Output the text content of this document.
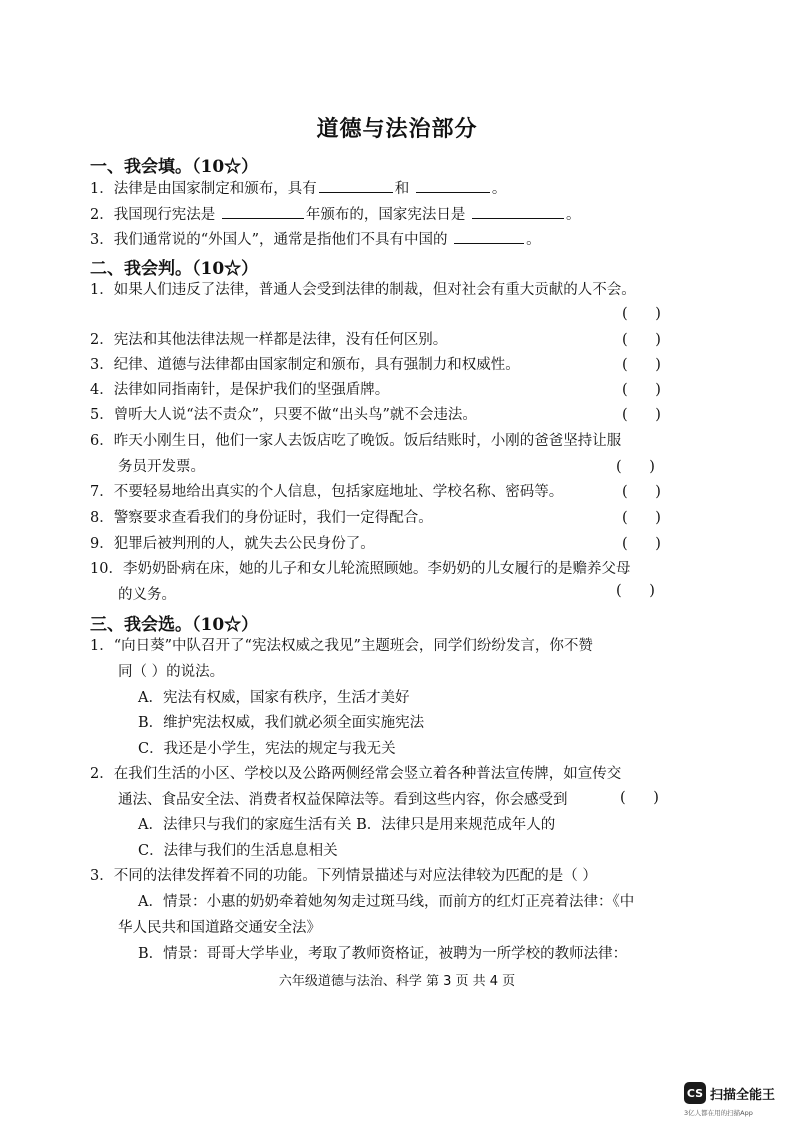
道德与法治部分
一、我会填。（10☆）
1．法律是由国家制定和颁布，具有	和	。
2．我国现行宪法是	年颁布的，国家宪法日是	。
3．我们通常说的“外国人”，通常是指他们不具有中国的	。
二、我会判。（10☆）
1．如果人们违反了法律，普通人会受到法律的制裁，但对社会有重大贡献的人不会。
(      )
2．宪法和其他法律法规一样都是法律，没有任何区别。	(      )
3．纪律、道德与法律都由国家制定和颁布，具有强制力和权威性。	(      )
4．法律如同指南针，是保护我们的坚强盾牌。	(      )
5．曾听大人说“法不责众”，只要不做“出头鸟”就不会违法。	(      )
6．昨天小刚生日，他们一家人去饭店吃了晚饭。饭后结账时，小刚的爸爸坚持让服
务员开发票。	(      )
7．不要轻易地给出真实的个人信息，包括家庭地址、学校名称、密码等。	(      )
8．警察要求查看我们的身份证时，我们一定得配合。	(      )
9．犯罪后被判刑的人，就失去公民身份了。	(      )
10．李奶奶卧病在床，她的儿子和女儿轮流照顾她。李奶奶的儿女履行的是赡养父母
的义务。	(      )
三、我会选。（10☆）
1．“向日葵”中队召开了“宪法权威之我见”主题班会，同学们纷纷发言，你不赞
同（ ）的说法。
A．宪法有权威，国家有秩序，生活才美好
B．维护宪法权威，我们就必须全面实施宪法
C．我还是小学生，宪法的规定与我无关
2．在我们生活的小区、学校以及公路两侧经常会竖立着各种普法宣传牌，如宣传交
通法、食品安全法、消费者权益保障法等。看到这些内容，你会感受到	(      )
A．法律只与我们的家庭生活有关 B．法律只是用来规范成年人的
C．法律与我们的生活息息相关
3．不同的法律发挥着不同的功能。下列情景描述与对应法律较为匹配的是（ ）
A．情景：小惠的奶奶牵着她匆匆走过斑马线，而前方的红灯正亮着法律：《中
华人民共和国道路交通安全法》
B．情景：哥哥大学毕业，考取了教师资格证，被聘为一所学校的教师法律：
六年级道德与法治、科学 第 3 页 共 4 页
CS 扫描全能王
3亿人都在用的扫描App
